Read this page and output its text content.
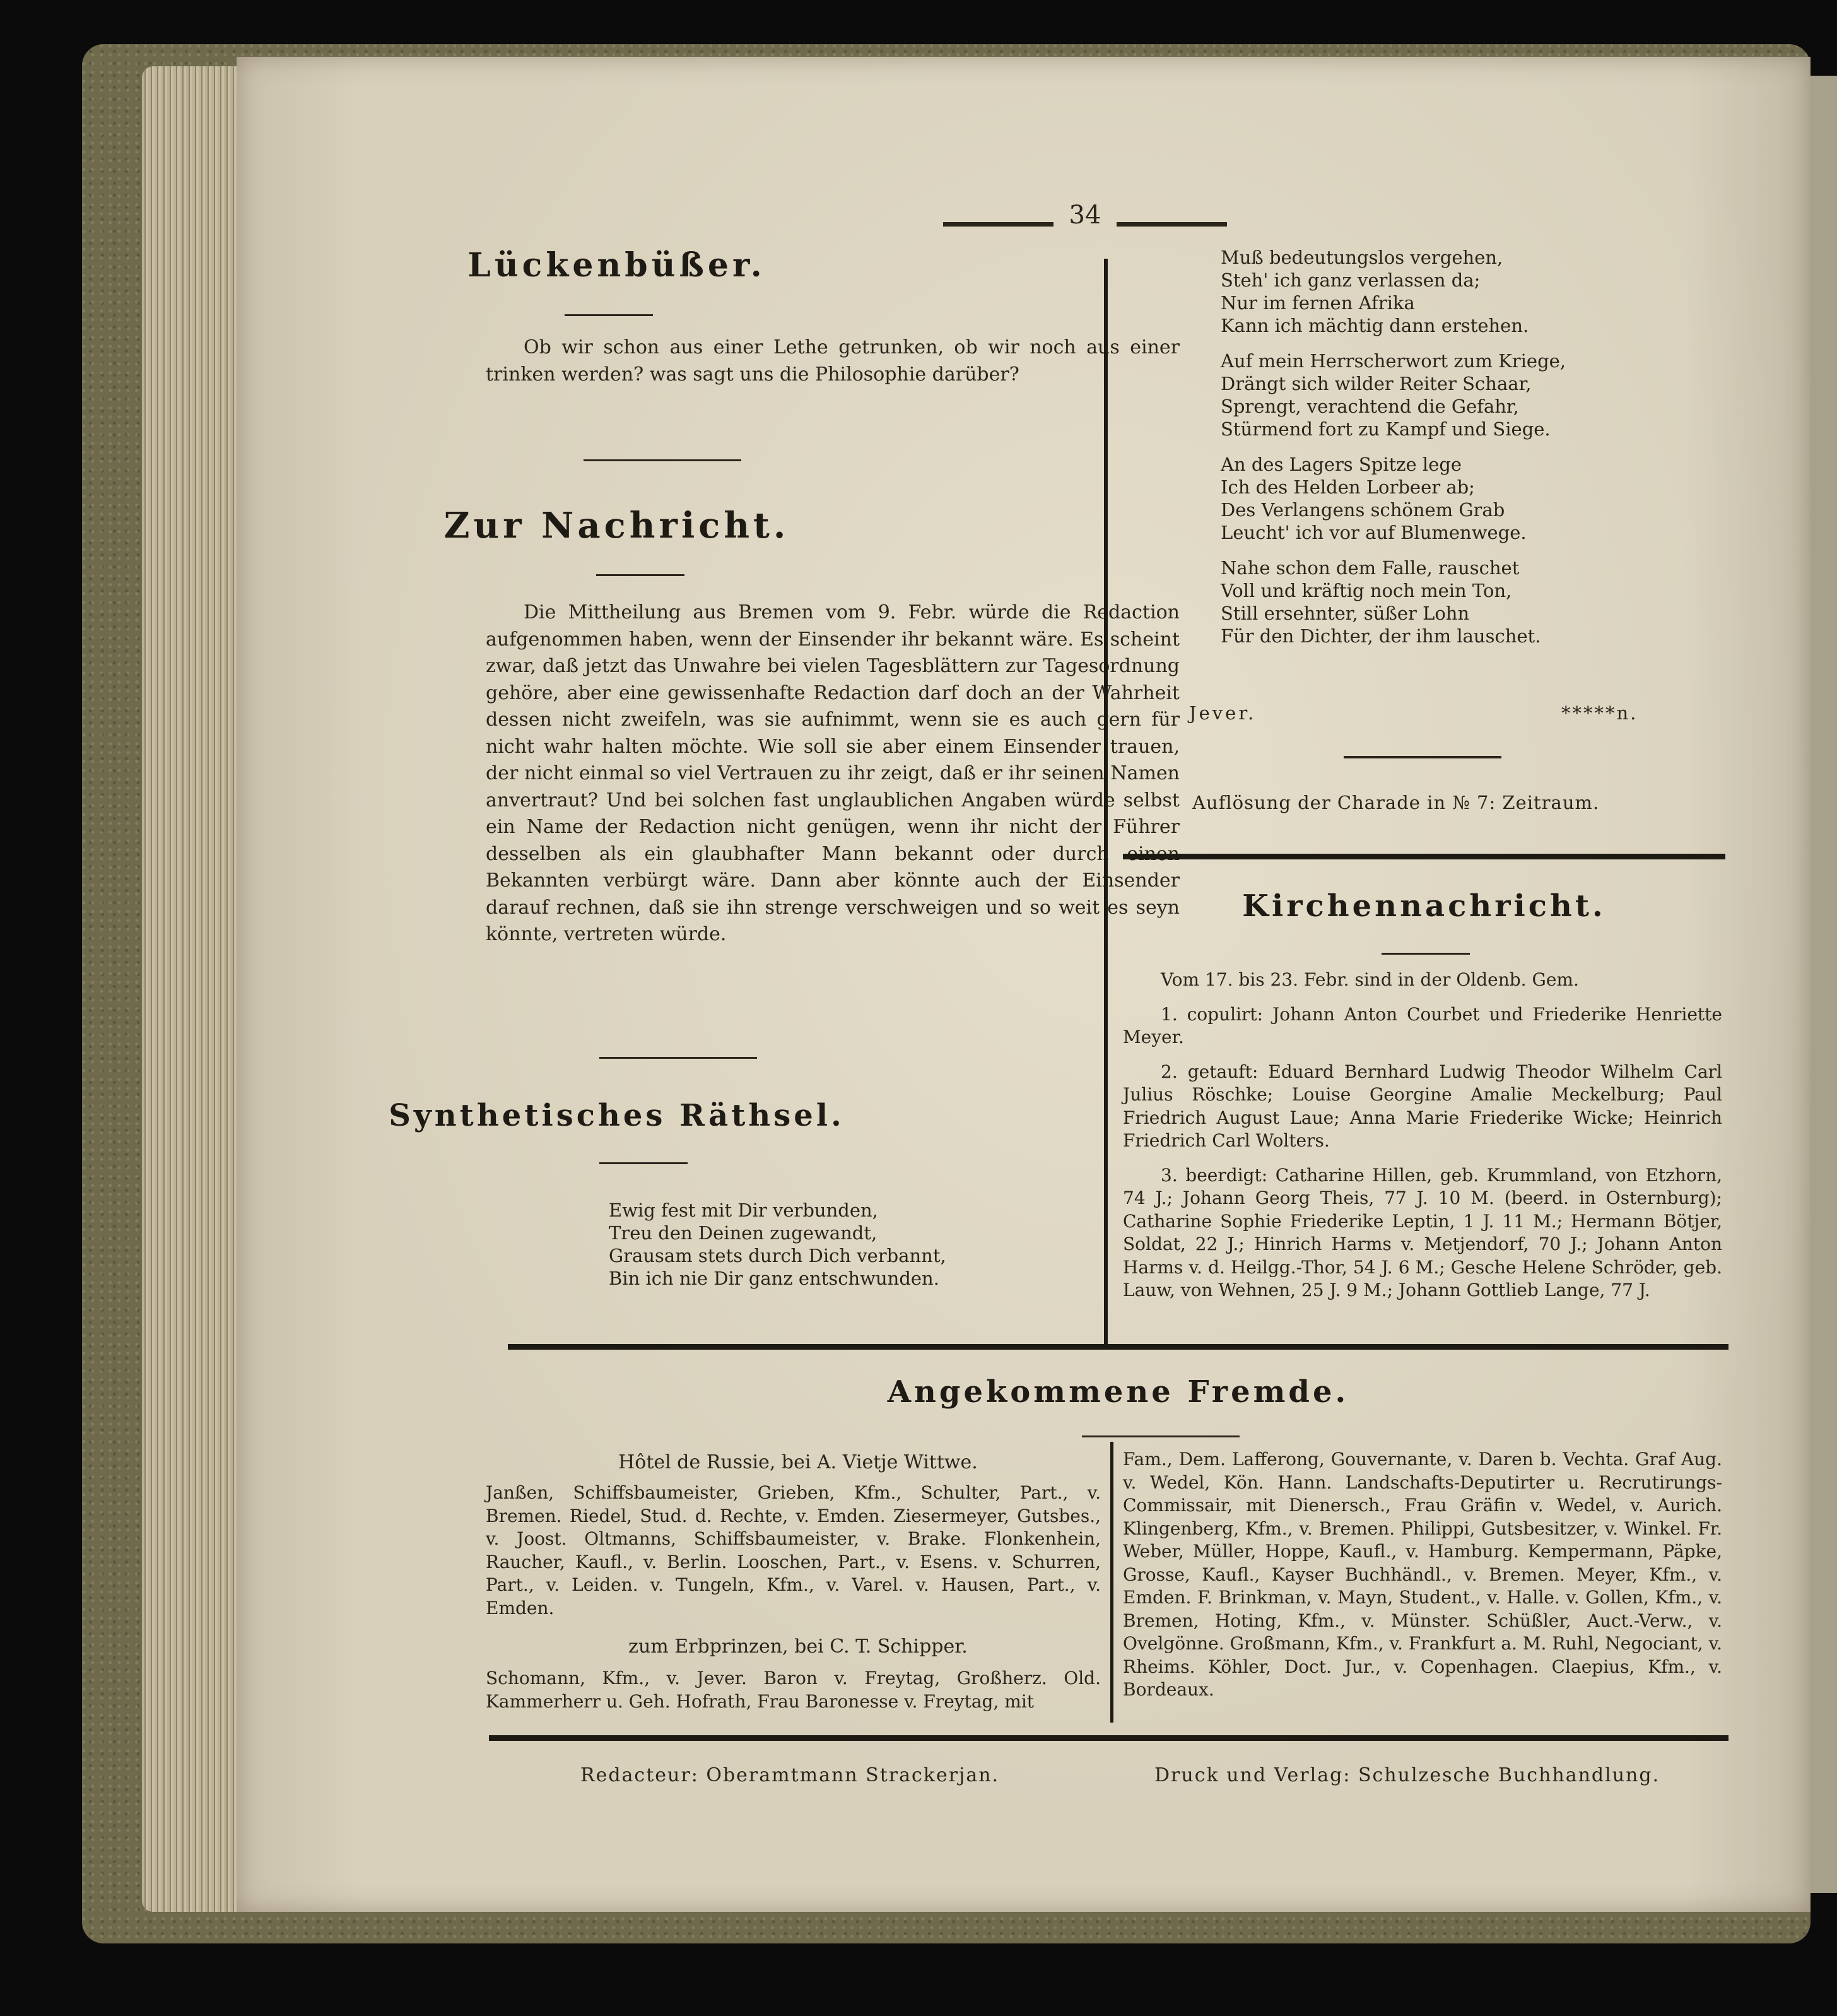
34
Lückenbüßer.
Ob wir schon aus einer Lethe getrunken, ob wir noch aus einer trinken werden? was sagt uns die Philosophie darüber?
Zur Nachricht.
Die Mittheilung aus Bremen vom 9. Febr. würde die Redaction aufgenommen haben, wenn der Einsender ihr bekannt wäre. Es scheint zwar, daß jetzt das Unwahre bei vielen Tagesblättern zur Tagesordnung gehöre, aber eine gewissenhafte Redaction darf doch an der Wahrheit dessen nicht zweifeln, was sie aufnimmt, wenn sie es auch gern für nicht wahr halten möchte. Wie soll sie aber einem Einsender trauen, der nicht einmal so viel Vertrauen zu ihr zeigt, daß er ihr seinen Namen anvertraut? Und bei solchen fast unglaublichen Angaben würde selbst ein Name der Redaction nicht genügen, wenn ihr nicht der Führer desselben als ein glaubhafter Mann bekannt oder durch einen Bekannten verbürgt wäre. Dann aber könnte auch der Einsender darauf rechnen, daß sie ihn strenge verschweigen und so weit es seyn könnte, vertreten würde.
Synthetisches Räthsel.

Ewig fest mit Dir verbunden,

Treu den Deinen zugewandt,

Grausam stets durch Dich verbannt,

Bin ich nie Dir ganz entschwunden.

Muß bedeutungslos vergehen,

Steh' ich ganz verlassen da;

Nur im fernen Afrika

Kann ich mächtig dann erstehen.

Auf mein Herrscherwort zum Kriege,

Drängt sich wilder Reiter Schaar,

Sprengt, verachtend die Gefahr,

Stürmend fort zu Kampf und Siege.

An des Lagers Spitze lege

Ich des Helden Lorbeer ab;

Des Verlangens schönem Grab

Leucht' ich vor auf Blumenwege.

Nahe schon dem Falle, rauschet

Voll und kräftig noch mein Ton,

Still ersehnter, süßer Lohn

Für den Dichter, der ihm lauschet.

Jever.	*****n.
Auflösung der Charade in № 7: Zeitraum.
Kirchennachricht.

Vom 17. bis 23. Febr. sind in der Oldenb. Gem.

1. copulirt: Johann Anton Courbet und Friederike Henriette Meyer.

2. getauft: Eduard Bernhard Ludwig Theodor Wilhelm Carl Julius Röschke; Louise Georgine Amalie Meckelburg; Paul Friedrich August Laue; Anna Marie Friederike Wicke; Heinrich Friedrich Carl Wolters.

3. beerdigt: Catharine Hillen, geb. Krummland, von Etzhorn, 74 J.; Johann Georg Theis, 77 J. 10 M. (beerd. in Osternburg); Catharine Sophie Friederike Leptin, 1 J. 11 M.; Hermann Bötjer, Soldat, 22 J.; Hinrich Harms v. Metjendorf, 70 J.; Johann Anton Harms v. d. Heilgg.-Thor, 54 J. 6 M.; Gesche Helene Schröder, geb. Lauw, von Wehnen, 25 J. 9 M.; Johann Gottlieb Lange, 77 J.

Angekommene Fremde.
Hôtel de Russie, bei A. Vietje Wittwe.
Janßen, Schiffsbaumeister, Grieben, Kfm., Schulter, Part., v. Bremen. Riedel, Stud. d. Rechte, v. Emden. Ziesermeyer, Gutsbes., v. Joost. Oltmanns, Schiffsbaumeister, v. Brake. Flonkenhein, Raucher, Kaufl., v. Berlin. Looschen, Part., v. Esens. v. Schurren, Part., v. Leiden. v. Tungeln, Kfm., v. Varel. v. Hausen, Part., v. Emden.
zum Erbprinzen, bei C. T. Schipper.
Schomann, Kfm., v. Jever. Baron v. Freytag, Großherz. Old. Kammerherr u. Geh. Hofrath, Frau Baronesse v. Freytag, mit
Fam., Dem. Lafferong, Gouvernante, v. Daren b. Vechta. Graf Aug. v. Wedel, Kön. Hann. Landschafts-Deputirter u. Recrutirungs-Commissair, mit Dienersch., Frau Gräfin v. Wedel, v. Aurich. Klingenberg, Kfm., v. Bremen. Philippi, Gutsbesitzer, v. Winkel. Fr. Weber, Müller, Hoppe, Kaufl., v. Hamburg. Kempermann, Päpke, Grosse, Kaufl., Kayser Buchhändl., v. Bremen. Meyer, Kfm., v. Emden. F. Brinkman, v. Mayn, Student., v. Halle. v. Gollen, Kfm., v. Bremen, Hoting, Kfm., v. Münster. Schüßler, Auct.-Verw., v. Ovelgönne. Großmann, Kfm., v. Frankfurt a. M. Ruhl, Negociant, v. Rheims. Köhler, Doct. Jur., v. Copenhagen. Claepius, Kfm., v. Bordeaux.
Redacteur: Oberamtmann Strackerjan.	Druck und Verlag: Schulzesche Buchhandlung.
